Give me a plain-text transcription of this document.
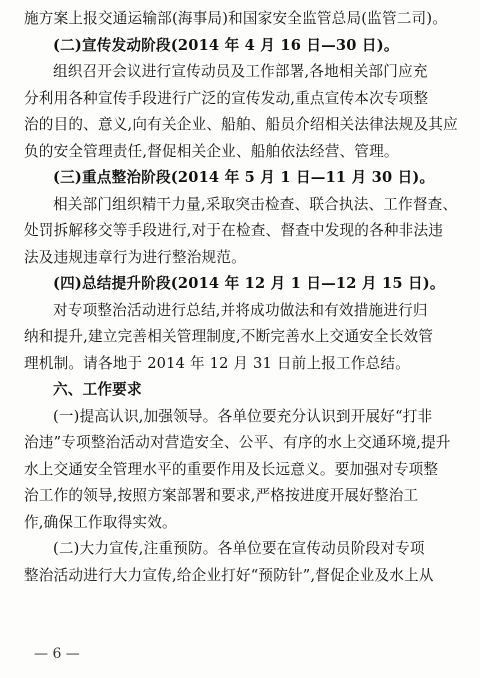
施方案上报交通运输部(海事局)和国家安全监管总局(监管二司)。
(二)宣传发动阶段(2014 年 4 月 16 日—30 日)。
组织召开会议进行宣传动员及工作部署,各地相关部门应充
分利用各种宣传手段进行广泛的宣传发动,重点宣传本次专项整
治的目的、意义,向有关企业、船舶、船员介绍相关法律法规及其应
负的安全管理责任,督促相关企业、船舶依法经营、管理。
(三)重点整治阶段(2014 年 5 月 1 日—11 月 30 日)。
相关部门组织精干力量,采取突击检查、联合执法、工作督查、
处罚拆解移交等手段进行,对于在检查、督查中发现的各种非法违
法及违规违章行为进行整治规范。
(四)总结提升阶段(2014 年 12 月 1 日—12 月 15 日)。
对专项整治活动进行总结,并将成功做法和有效措施进行归
纳和提升,建立完善相关管理制度,不断完善水上交通安全长效管
理机制。请各地于 2014 年 12 月 31 日前上报工作总结。
六、工作要求
(一)提高认识,加强领导。各单位要充分认识到开展好“打非
治违”专项整治活动对营造安全、公平、有序的水上交通环境,提升
水上交通安全管理水平的重要作用及长远意义。要加强对专项整
治工作的领导,按照方案部署和要求,严格按进度开展好整治工
作,确保工作取得实效。
(二)大力宣传,注重预防。各单位要在宣传动员阶段对专项
整治活动进行大力宣传,给企业打好“预防针”,督促企业及水上从
— 6 —
